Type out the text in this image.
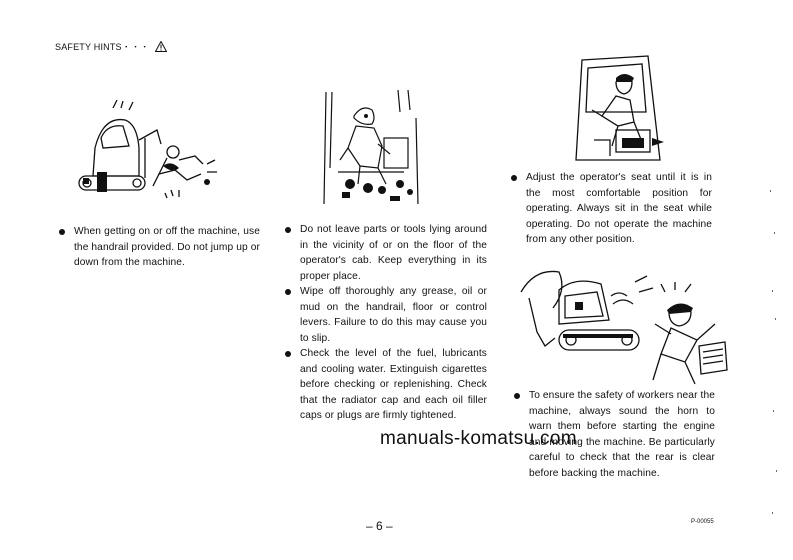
SAFETY HINTS・・・
When getting on or off the machine, use the handrail provided. Do not jump up or down from the machine.
Do not leave parts or tools lying around in the vicinity of or on the floor of the operator's cab. Keep everything in its proper place.
Wipe off thoroughly any grease, oil or mud on the handrail, floor or control levers. Failure to do this may cause you to slip.
Check the level of the fuel, lubricants and cooling water. Extinguish cigarettes before checking or replenishing. Check that the radiator cap and each oil filler caps or plugs are firmly tightened.
Adjust the operator's seat until it is in the most comfortable position for operating. Always sit in the seat while operating. Do not operate the machine from any other position.
To ensure the safety of workers near the machine, always sound the horn to warn them before starting the engine and moving the machine. Be particularly careful to check that the rear is clear before backing the machine.
manuals-komatsu.com
– 6 –	P-00055
